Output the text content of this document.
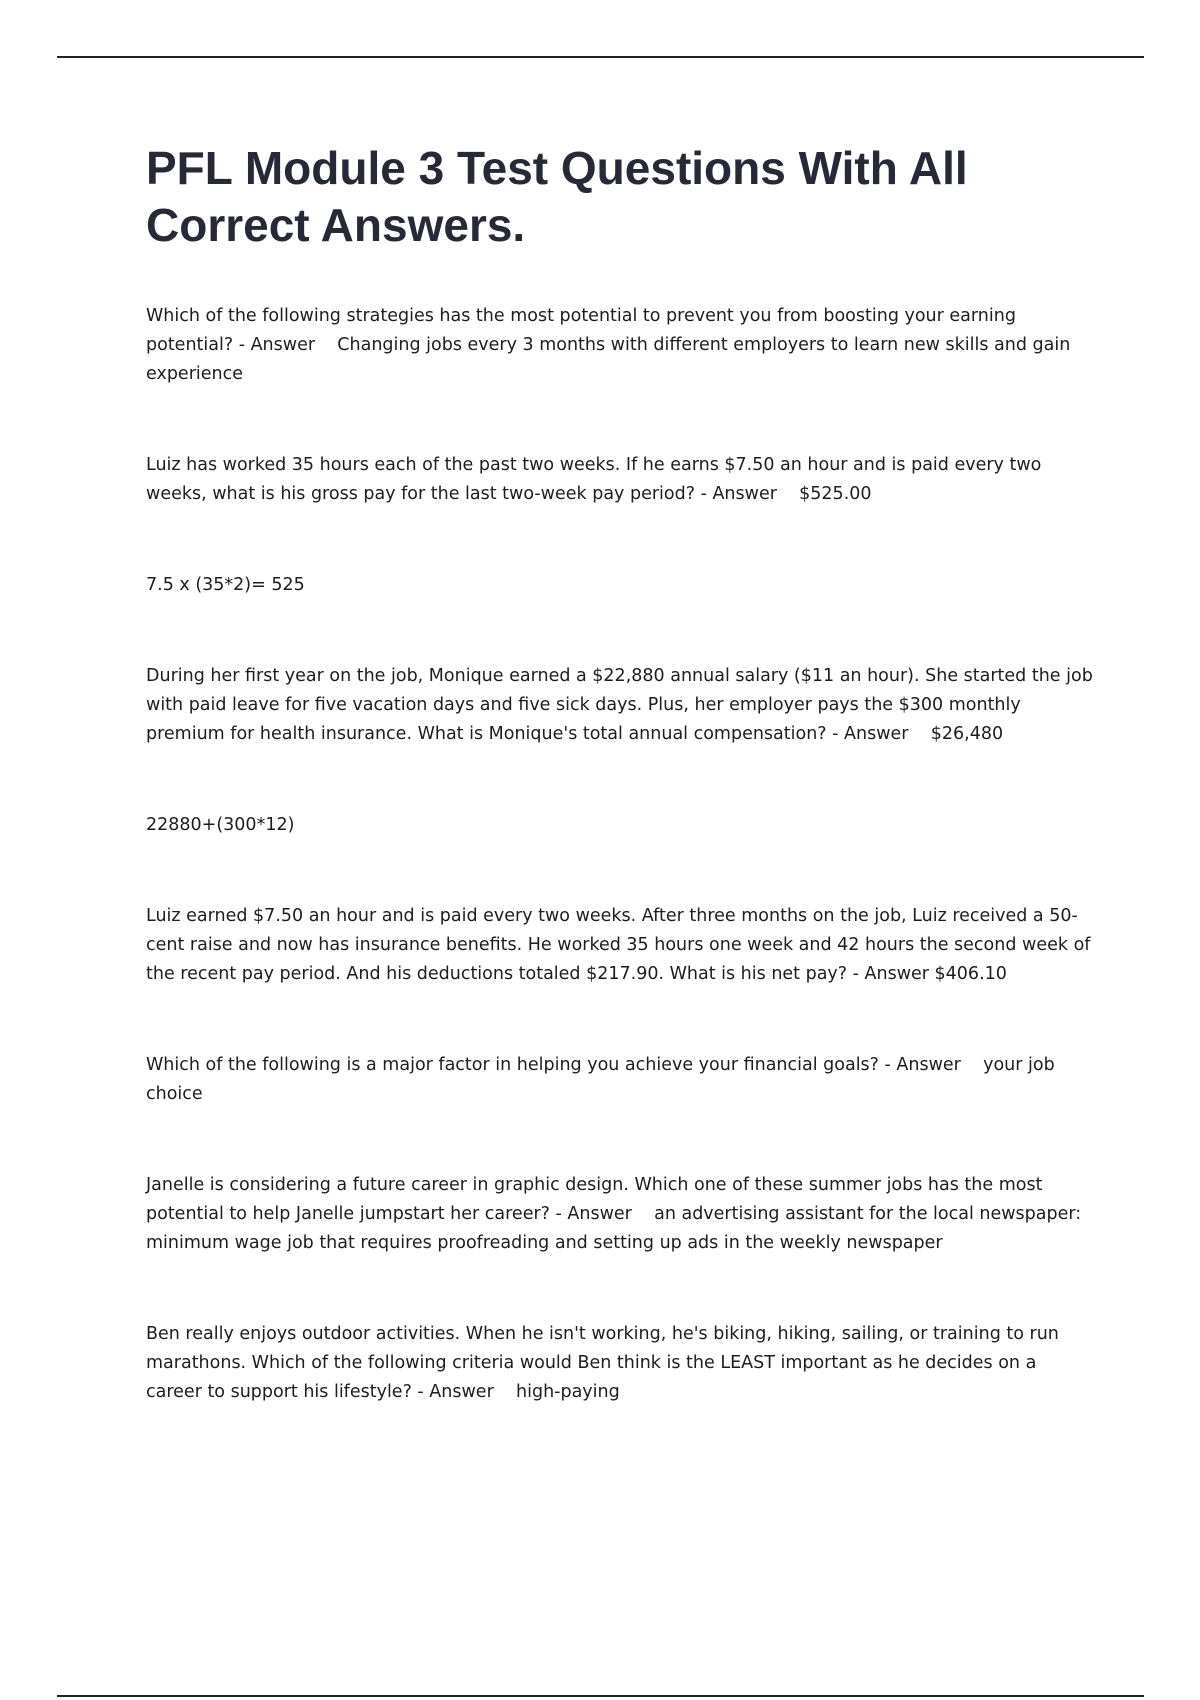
PFL Module 3 Test Questions With All Correct Answers.

Which of the following strategies has the most potential to prevent you from boosting your earning potential? - Answer    Changing jobs every 3 months with different employers to learn new skills and gain experience

Luiz has worked 35 hours each of the past two weeks. If he earns $7.50 an hour and is paid every two weeks, what is his gross pay for the last two-week pay period? - Answer    $525.00

7.5 x (35*2)= 525

During her first year on the job, Monique earned a $22,880 annual salary ($11 an hour). She started the job with paid leave for five vacation days and five sick days. Plus, her employer pays the $300 monthly premium for health insurance. What is Monique's total annual compensation? - Answer    $26,480

22880+(300*12)

Luiz earned $7.50 an hour and is paid every two weeks. After three months on the job, Luiz received a 50-cent raise and now has insurance benefits. He worked 35 hours one week and 42 hours the second week of the recent pay period. And his deductions totaled $217.90. What is his net pay? - Answer $406.10

Which of the following is a major factor in helping you achieve your financial goals? - Answer    your job choice

Janelle is considering a future career in graphic design. Which one of these summer jobs has the most potential to help Janelle jumpstart her career? - Answer    an advertising assistant for the local newspaper: minimum wage job that requires proofreading and setting up ads in the weekly newspaper

Ben really enjoys outdoor activities. When he isn't working, he's biking, hiking, sailing, or training to run marathons. Which of the following criteria would Ben think is the LEAST important as he decides on a career to support his lifestyle? - Answer    high-paying
